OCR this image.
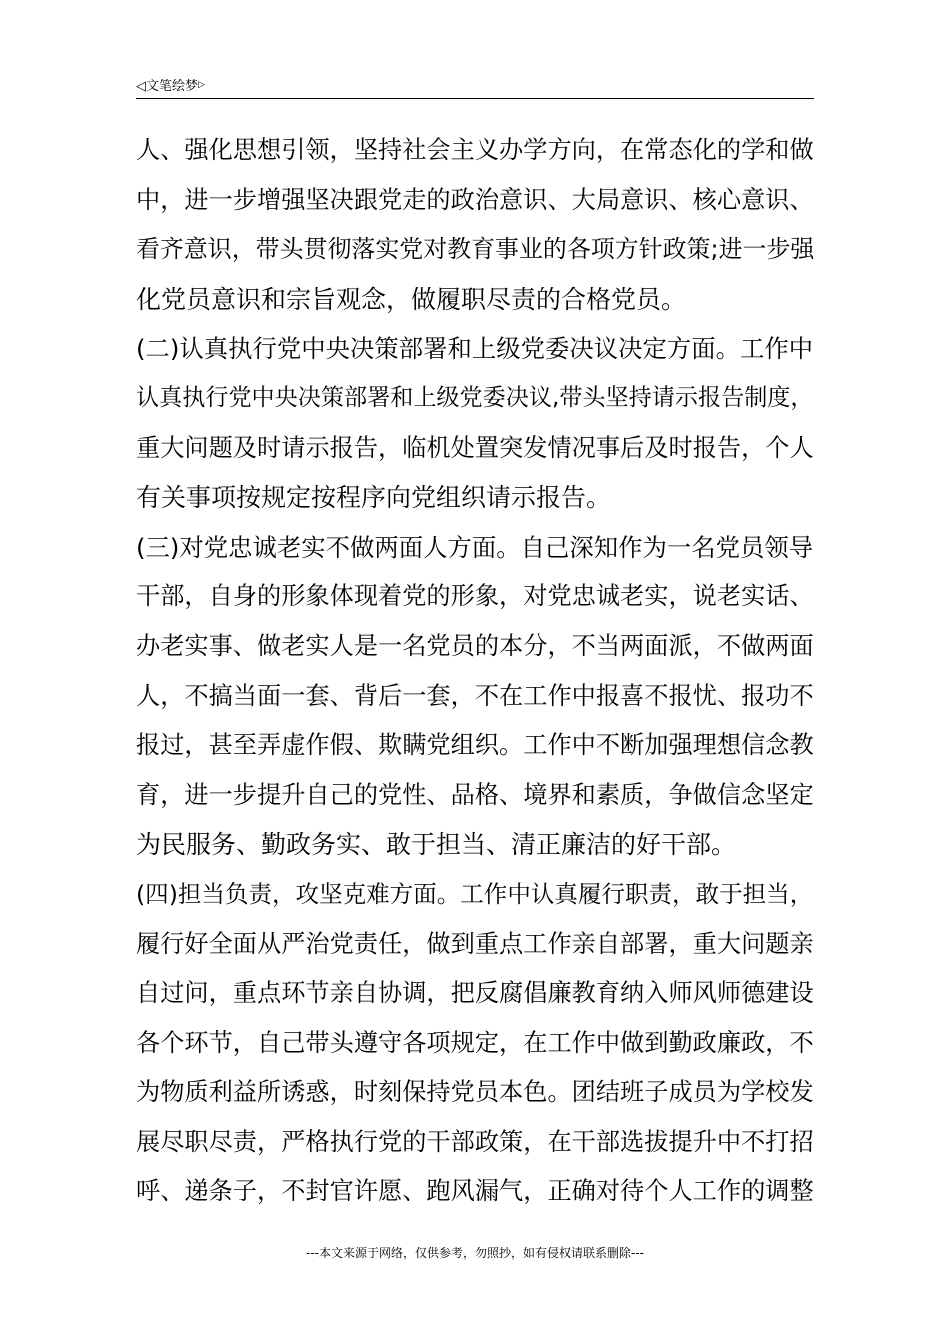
◁文笔绘梦▷
人、强化思想引领，坚持社会主义办学方向，在常态化的学和做
中，进一步增强坚决跟党走的政治意识、大局意识、核心意识、
看齐意识，带头贯彻落实党对教育事业的各项方针政策;进一步强
化党员意识和宗旨观念，做履职尽责的合格党员。
(二)认真执行党中央决策部署和上级党委决议决定方面。工作中
认真执行党中央决策部署和上级党委决议,带头坚持请示报告制度，
重大问题及时请示报告，临机处置突发情况事后及时报告，个人
有关事项按规定按程序向党组织请示报告。
(三)对党忠诚老实不做两面人方面。自己深知作为一名党员领导
干部，自身的形象体现着党的形象，对党忠诚老实，说老实话、
办老实事、做老实人是一名党员的本分，不当两面派，不做两面
人，不搞当面一套、背后一套，不在工作中报喜不报忧、报功不
报过，甚至弄虚作假、欺瞒党组织。工作中不断加强理想信念教
育，进一步提升自己的党性、品格、境界和素质，争做信念坚定
为民服务、勤政务实、敢于担当、清正廉洁的好干部。
(四)担当负责，攻坚克难方面。工作中认真履行职责，敢于担当，
履行好全面从严治党责任，做到重点工作亲自部署，重大问题亲
自过问，重点环节亲自协调，把反腐倡廉教育纳入师风师德建设
各个环节，自己带头遵守各项规定，在工作中做到勤政廉政，不
为物质利益所诱惑，时刻保持党员本色。团结班子成员为学校发
展尽职尽责，严格执行党的干部政策，在干部选拔提升中不打招
呼、递条子，不封官许愿、跑风漏气，正确对待个人工作的调整
---本文来源于网络，仅供参考，勿照抄，如有侵权请联系删除---
